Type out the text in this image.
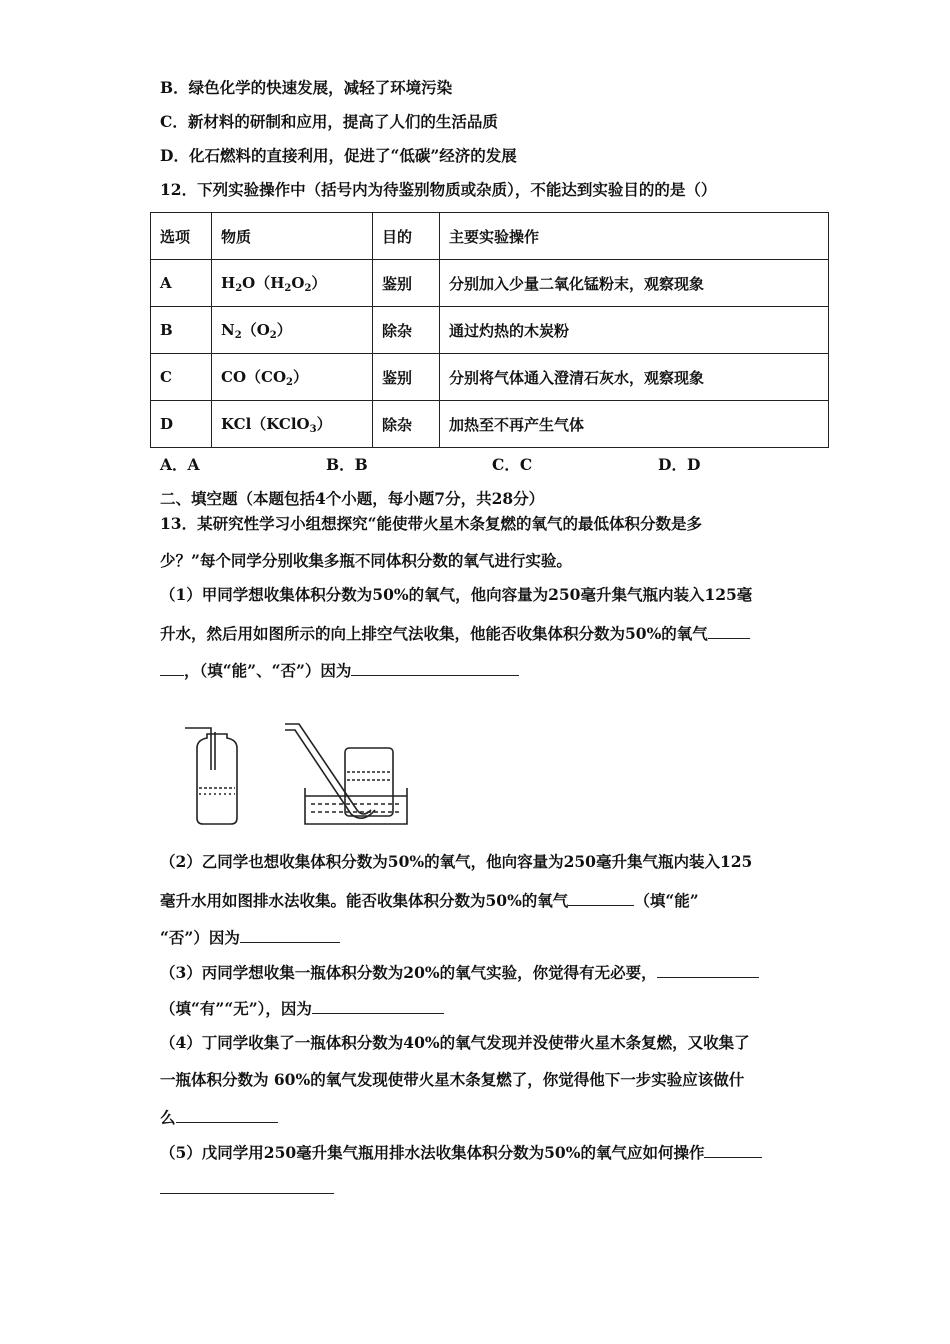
B．绿色化学的快速发展，减轻了环境污染
C．新材料的研制和应用，提高了人们的生活品质
D．化石燃料的直接利用，促进了“低碳”经济的发展
12．下列实验操作中（括号内为待鉴别物质或杂质），不能达到实验目的的是（）
选项	物质	目的	主要实验操作
A	$H_2O(H_2O_2)$	鉴别	分别加入少量二氧化锰粉末，观察现象
B	$N_2(O_2)$	除杂	通过灼热的木炭粉
C	$CO(CO_2)$	鉴别	分别将气体通入澄清石灰水，观察现象
D	KCl（KClO$_3$）	除杂	加热至不再产生气体
A．A	B．B	C．C	D．D
二、填空题（本题包括4个小题，每小题7分，共28分）
13．某研究性学习小组想探究“能使带火星木条复燃的氧气的最低体积分数是多
少？”每个同学分别收集多瓶不同体积分数的氧气进行实验。
（1）甲同学想收集体积分数为50%的氧气，他向容量为250毫升集气瓶内装入125毫
升水，然后用如图所示的向上排空气法收集，他能否收集体积分数为50%的氧气
，（填“能”、“否”）因为
（2）乙同学也想收集体积分数为50%的氧气，他向容量为250毫升集气瓶内装入125
毫升水用如图排水法收集。能否收集体积分数为50%的氧气	（填“能”
“否”）因为
（3）丙同学想收集一瓶体积分数为20%的氧气实验，你觉得有无必要，
（填“有”“无”），因为
（4）丁同学收集了一瓶体积分数为40%的氧气发现并没使带火星木条复燃，又收集了
一瓶体积分数为 60%的氧气发现使带火星木条复燃了，你觉得他下一步实验应该做什
么
（5）戊同学用250毫升集气瓶用排水法收集体积分数为50%的氧气应如何操作
